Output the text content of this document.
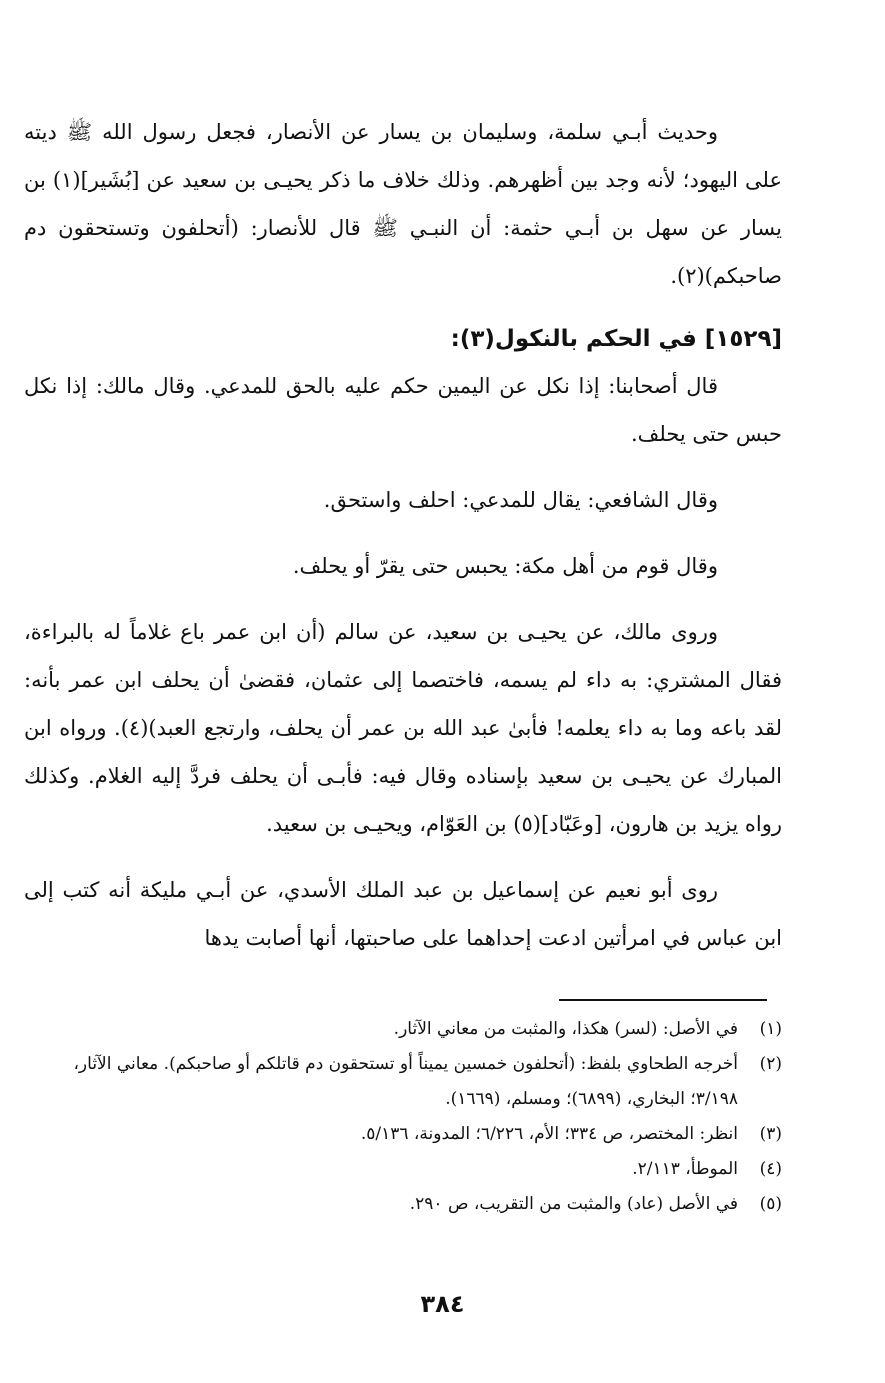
وحديث أبـي سلمة، وسليمان بن يسار عن الأنصار، فجعل رسول الله ﷺ ديته على اليهود؛ لأنه وجد بين أظهرهم. وذلك خلاف ما ذكر يحيـى بن سعيد عن [بُشَير](١) بن يسار عن سهل بن أبـي حثمة: أن النبـي ﷺ قال للأنصار: (أتحلفون وتستحقون دم صاحبكم)(٢).

[١٥٢٩] في الحكم بالنكول(٣):

قال أصحابنا: إذا نكل عن اليمين حكم عليه بالحق للمدعي. وقال مالك: إذا نكل حبس حتى يحلف.

وقال الشافعي: يقال للمدعي: احلف واستحق.

وقال قوم من أهل مكة: يحبس حتى يقرّ أو يحلف.

وروى مالك، عن يحيـى بن سعيد، عن سالم (أن ابن عمر باع غلاماً له بالبراءة، فقال المشتري: به داء لم يسمه، فاختصما إلى عثمان، فقضىٰ أن يحلف ابن عمر بأنه: لقد باعه وما به داء يعلمه! فأبىٰ عبد الله بن عمر أن يحلف، وارتجع العبد)(٤). ورواه ابن المبارك عن يحيـى بن سعيد بإسناده وقال فيه: فأبـى أن يحلف فردَّ إليه الغلام. وكذلك رواه يزيد بن هارون، [وعَبّاد](٥) بن العَوّام، ويحيـى بن سعيد.

روى أبو نعيم عن إسماعيل بن عبد الملك الأسدي، عن أبـي مليكة أنه كتب إلى ابن عباس في امرأتين ادعت إحداهما على صاحبتها، أنها أصابت يدها

(١)
في الأصل: (لسر) هكذا، والمثبت من معاني الآثار.

(٢)
أخرجه الطحاوي بلفظ: (أتحلفون خمسين يميناً أو تستحقون دم قاتلكم أو صاحبكم). معاني الآثار، ٣/١٩٨؛ البخاري، (٦٨٩٩)؛ ومسلم، (١٦٦٩).

(٣)
انظر: المختصر، ص ٣٣٤؛ الأم، ٦/٢٢٦؛ المدونة، ٥/١٣٦.

(٤)
الموطأ، ٢/١١٣.

(٥)
في الأصل (عاد) والمثبت من التقريب، ص ٢٩٠.

٣٨٤
